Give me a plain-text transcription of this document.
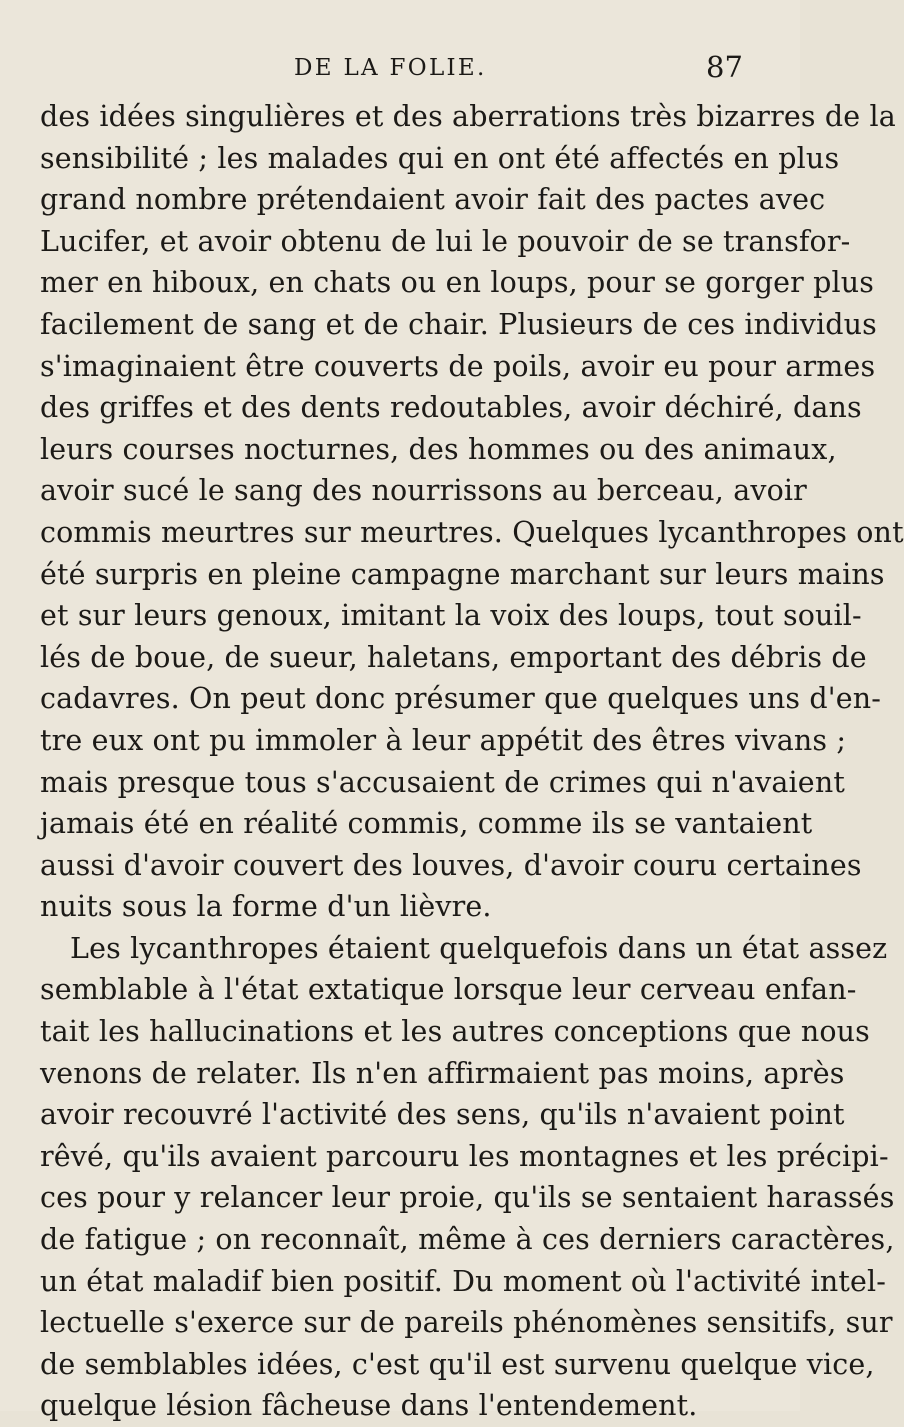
DE LA FOLIE.	87
des idées singulières et des aberrations très bizarres de la
sensibilité ; les malades qui en ont été affectés en plus
grand nombre prétendaient avoir fait des pactes avec
Lucifer, et avoir obtenu de lui le pouvoir de se transfor-
mer en hiboux, en chats ou en loups, pour se gorger plus
facilement de sang et de chair. Plusieurs de ces individus
s'imaginaient être couverts de poils, avoir eu pour armes
des griffes et des dents redoutables, avoir déchiré, dans
leurs courses nocturnes, des hommes ou des animaux,
avoir sucé le sang des nourrissons au berceau, avoir
commis meurtres sur meurtres. Quelques lycanthropes ont
été surpris en pleine campagne marchant sur leurs mains
et sur leurs genoux, imitant la voix des loups, tout souil-
lés de boue, de sueur, haletans, emportant des débris de
cadavres. On peut donc présumer que quelques uns d'en-
tre eux ont pu immoler à leur appétit des êtres vivans ;
mais presque tous s'accusaient de crimes qui n'avaient
jamais été en réalité commis, comme ils se vantaient
aussi d'avoir couvert des louves, d'avoir couru certaines
nuits sous la forme d'un lièvre.
Les lycanthropes étaient quelquefois dans un état assez
semblable à l'état extatique lorsque leur cerveau enfan-
tait les hallucinations et les autres conceptions que nous
venons de relater. Ils n'en affirmaient pas moins, après
avoir recouvré l'activité des sens, qu'ils n'avaient point
rêvé, qu'ils avaient parcouru les montagnes et les précipi-
ces pour y relancer leur proie, qu'ils se sentaient harassés
de fatigue ; on reconnaît, même à ces derniers caractères,
un état maladif bien positif. Du moment où l'activité intel-
lectuelle s'exerce sur de pareils phénomènes sensitifs, sur
de semblables idées, c'est qu'il est survenu quelque vice,
quelque lésion fâcheuse dans l'entendement.
